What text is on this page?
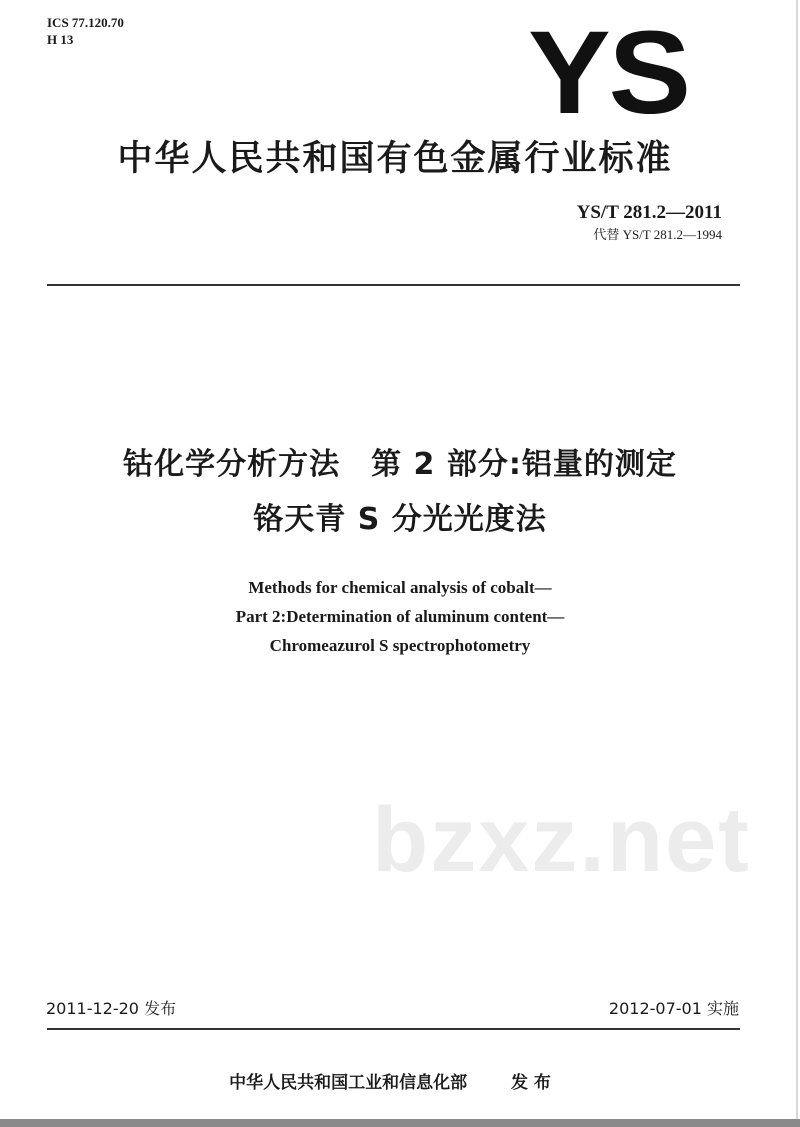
bzxz.net
ICS 77.120.70
H 13	YS
中华人民共和国有色金属行业标准
YS/T 281.2—2011
代替 YS/T 281.2—1994
钴化学分析方法　第 2 部分:铝量的测定
铬天青 S 分光光度法
Methods for chemical analysis of cobalt—
Part 2:Determination of aluminum content—
Chromeazurol S spectrophotometry
2011-12-20 发布	2012-07-01 实施
中华人民共和国工业和信息化部	发 布
